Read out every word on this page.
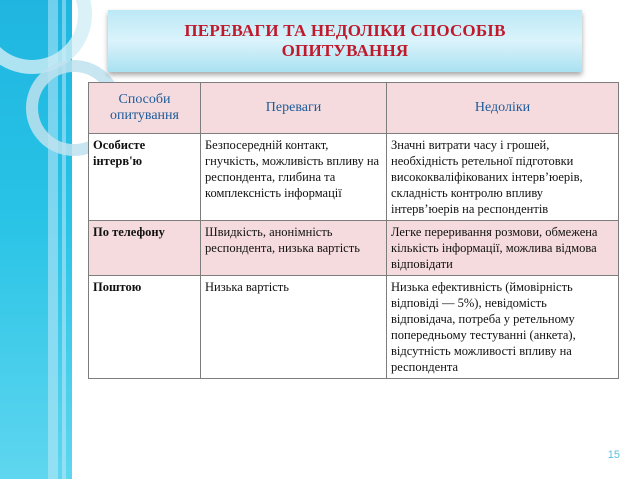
ПЕРЕВАГИ ТА НЕДОЛІКИ СПОСОБІВ
ОПИТУВАННЯ
Способи
опитування	Переваги	Недоліки
Особисте інтерв'ю	Безпосередній контакт, гнучкість, можливість впливу на респондента, глибина та комплексність інформації	Значні витрати часу і грошей, необхідність ретельної підготовки висококваліфікованих інтерв’юерів, складність контролю впливу інтерв’юерів на респондентів
По телефону	Швидкість, анонімність респондента, низька вартість	Легке переривання розмови, обмежена кількість інформації, можлива відмова відповідати
Поштою	Низька вартість	Низька ефективність (ймовірність відповіді — 5%), невідомість відповідача, потреба у ретельному попередньому тестуванні (анкета), відсутність можливості впливу на респондента
15
